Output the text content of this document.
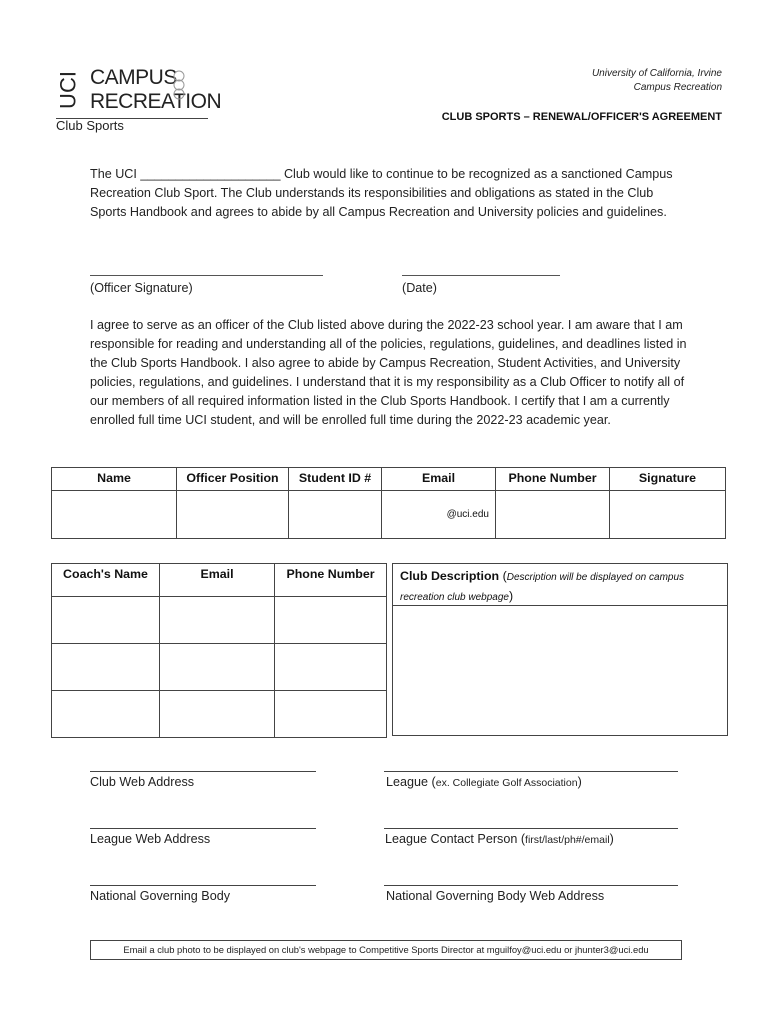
UCI CAMPUS
RECREATION
Club Sports
University of California, Irvine
Campus Recreation
CLUB SPORTS – RENEWAL/OFFICER'S AGREEMENT
The UCI ____________________ Club would like to continue to be recognized as a sanctioned Campus Recreation Club Sport. The Club understands its responsibilities and obligations as stated in the Club Sports Handbook and agrees to abide by all Campus Recreation and University policies and guidelines.
(Officer Signature)	(Date)
I agree to serve as an officer of the Club listed above during the 2022-23 school year. I am aware that I am responsible for reading and understanding all of the policies, regulations, guidelines, and deadlines listed in the Club Sports Handbook. I also agree to abide by Campus Recreation, Student Activities, and University policies, regulations, and guidelines. I understand that it is my responsibility as a Club Officer to notify all of our members of all required information listed in the Club Sports Handbook. I certify that I am a currently enrolled full time UCI student, and will be enrolled full time during the 2022-23 academic year.
Name	Officer Position	Student ID #	Email	Phone Number	Signature
			@uci.edu		
Coach's Name	Email	Phone Number

			Club Description (Description will be displayed on campus recreation club webpage)
Club Web Address	League (ex. Collegiate Golf Association)
League Web Address	League Contact Person (first/last/ph#/email)
National Governing Body	National Governing Body Web Address
Email a club photo to be displayed on club's webpage to Competitive Sports Director at mguilfoy@uci.edu or jhunter3@uci.edu
